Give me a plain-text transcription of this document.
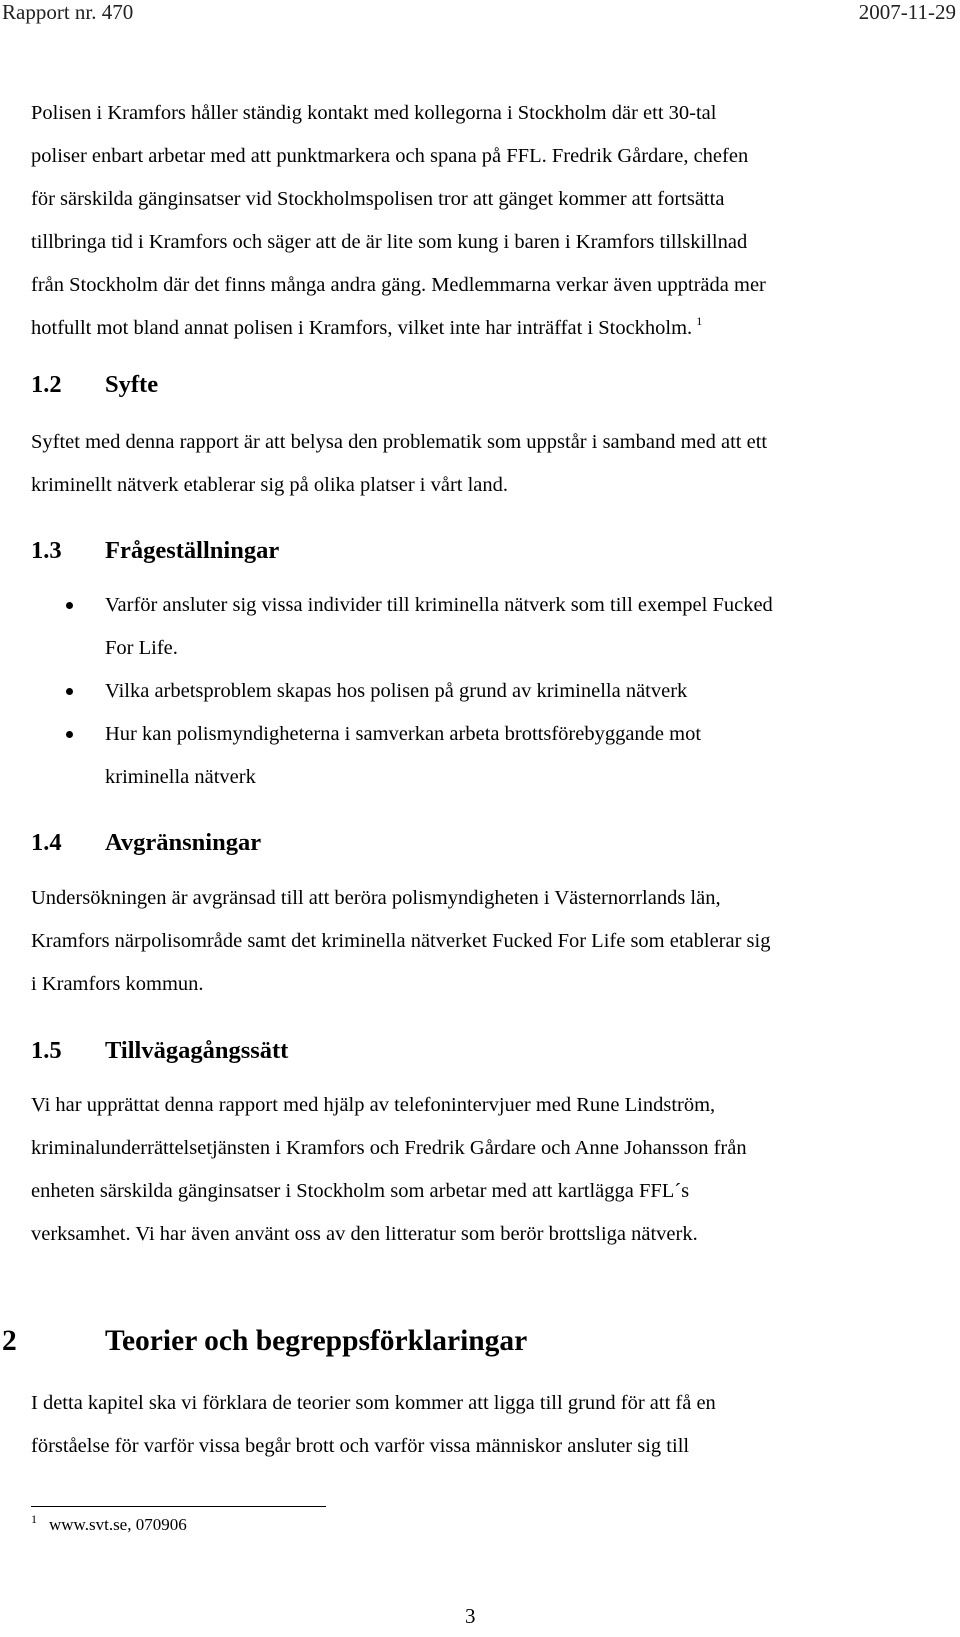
Rapport nr. 470	2007-11-29

Polisen i Kramfors håller ständig kontakt med kollegorna i Stockholm där ett 30-tal

poliser enbart arbetar med att punktmarkera och spana på FFL. Fredrik Gårdare, chefen

för särskilda gänginsatser vid Stockholmspolisen tror att gänget kommer att fortsätta

tillbringa tid i Kramfors och säger att de är lite som kung i baren i Kramfors tillskillnad

från Stockholm där det finns många andra gäng. Medlemmarna verkar även uppträda mer

hotfullt mot bland annat polisen i Kramfors, vilket inte har inträffat i Stockholm. $^1$

1.2 Syfte

Syftet med denna rapport är att belysa den problematik som uppstår i samband med att ett

kriminellt nätverk etablerar sig på olika platser i vårt land.

1.3 Frågeställningar
Varför ansluter sig vissa individer till kriminella nätverk som till exempel Fucked
For Life.
Vilka arbetsproblem skapas hos polisen på grund av kriminella nätverk
Hur kan polismyndigheterna i samverkan arbeta brottsförebyggande mot
kriminella nätverk
1.4 Avgränsningar

Undersökningen är avgränsad till att beröra polismyndigheten i Västernorrlands län,

Kramfors närpolisområde samt det kriminella nätverket Fucked For Life som etablerar sig

i Kramfors kommun.

1.5 Tillvägagångssätt

Vi har upprättat denna rapport med hjälp av telefonintervjuer med Rune Lindström,

kriminalunderrättelsetjänsten i Kramfors och Fredrik Gårdare och Anne Johansson från

enheten särskilda gänginsatser i Stockholm som arbetar med att kartlägga FFL´s

verksamhet. Vi har även använt oss av den litteratur som berör brottsliga nätverk.

2	Teorier och begreppsförklaringar

I detta kapitel ska vi förklara de teorier som kommer att ligga till grund för att få en

förståelse för varför vissa begår brott och varför vissa människor ansluter sig till

$^1$ www.svt.se, 070906
3
